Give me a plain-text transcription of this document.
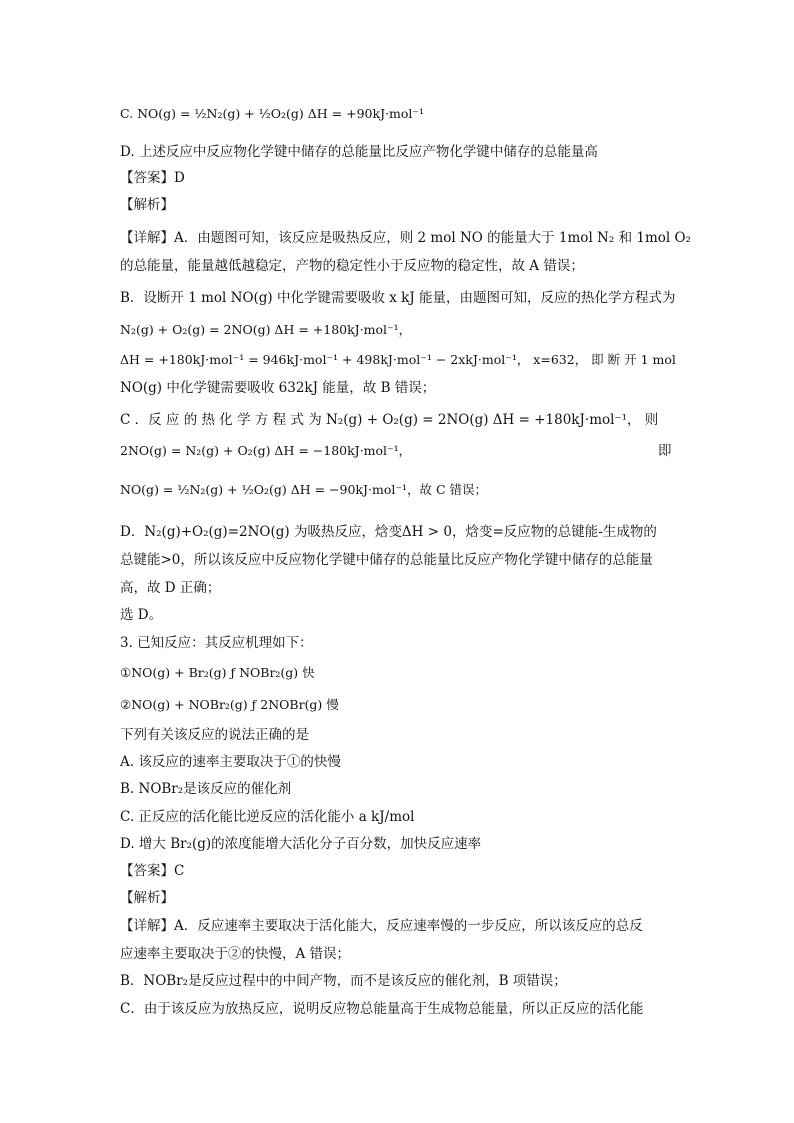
C. NO(g) = ½N₂(g) + ½O₂(g) ΔH = +90kJ·mol⁻¹
D. 上述反应中反应物化学键中储存的总能量比反应产物化学键中储存的总能量高
【答案】D
【解析】
【详解】A．由题图可知，该反应是吸热反应，则 2 mol NO 的能量大于 1mol N₂ 和 1mol O₂
的总能量，能量越低越稳定，产物的稳定性小于反应物的稳定性，故 A 错误；
B．设断开 1 mol NO(g) 中化学键需要吸收 x kJ 能量，由题图可知，反应的热化学方程式为
N₂(g) + O₂(g) = 2NO(g) ΔH = +180kJ·mol⁻¹，
ΔH = +180kJ·mol⁻¹ = 946kJ·mol⁻¹ + 498kJ·mol⁻¹ − 2xkJ·mol⁻¹， x=632， 即 断 开 1 mol
NO(g) 中化学键需要吸收 632kJ 能量，故 B 错误；
C ．反 应 的 热 化 学 方 程 式 为 N₂(g) + O₂(g) = 2NO(g) ΔH = +180kJ·mol⁻¹， 则
2NO(g) = N₂(g) + O₂(g) ΔH = −180kJ·mol⁻¹，	即
NO(g) = ½N₂(g) + ½O₂(g) ΔH = −90kJ·mol⁻¹，故 C 错误；
D．N₂(g)+O₂(g)=2NO(g) 为吸热反应，焓变ΔH > 0，焓变=反应物的总键能-生成物的
总键能>0，所以该反应中反应物化学键中储存的总能量比反应产物化学键中储存的总能量
高，故 D 正确；
选 D。
3. 已知反应：其反应机理如下：
①NO(g) + Br₂(g) ƒ NOBr₂(g) 快
②NO(g) + NOBr₂(g) ƒ 2NOBr(g) 慢
下列有关该反应的说法正确的是
A. 该反应的速率主要取决于①的快慢
B. NOBr₂是该反应的催化剂
C. 正反应的活化能比逆反应的活化能小 a kJ/mol
D. 增大 Br₂(g)的浓度能增大活化分子百分数，加快反应速率
【答案】C
【解析】
【详解】A．反应速率主要取决于活化能大，反应速率慢的一步反应，所以该反应的总反
应速率主要取决于②的快慢，A 错误；
B．NOBr₂是反应过程中的中间产物，而不是该反应的催化剂，B 项错误；
C．由于该反应为放热反应，说明反应物总能量高于生成物总能量，所以正反应的活化能
